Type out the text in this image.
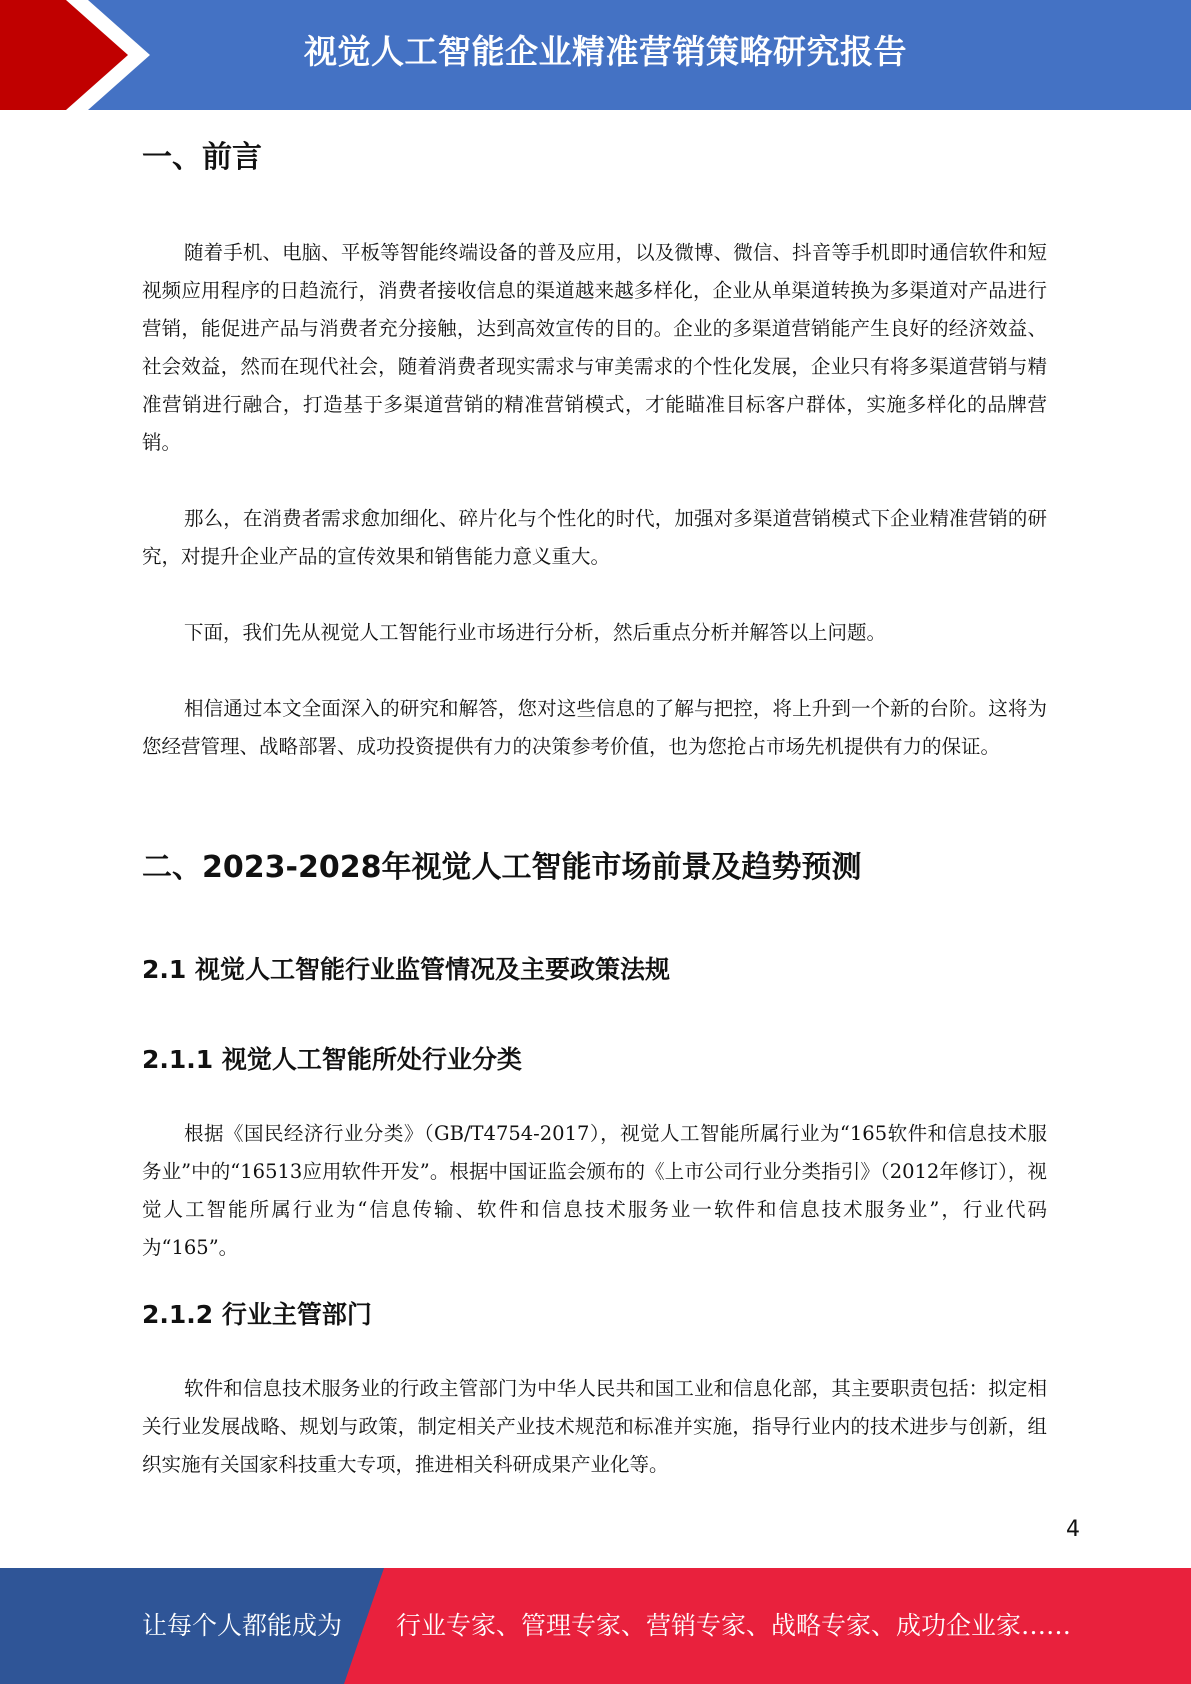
视觉人工智能企业精准营销策略研究报告
一、前言

随着手机、电脑、平板等智能终端设备的普及应用，以及微博、微信、抖音等手机即时通信软件和短视频应用程序的日趋流行，消费者接收信息的渠道越来越多样化，企业从单渠道转换为多渠道对产品进行营销，能促进产品与消费者充分接触，达到高效宣传的目的。企业的多渠道营销能产生良好的经济效益、社会效益，然而在现代社会，随着消费者现实需求与审美需求的个性化发展，企业只有将多渠道营销与精准营销进行融合，打造基于多渠道营销的精准营销模式，才能瞄准目标客户群体，实施多样化的品牌营销。

那么，在消费者需求愈加细化、碎片化与个性化的时代，加强对多渠道营销模式下企业精准营销的研究，对提升企业产品的宣传效果和销售能力意义重大。

下面，我们先从视觉人工智能行业市场进行分析，然后重点分析并解答以上问题。

相信通过本文全面深入的研究和解答，您对这些信息的了解与把控，将上升到一个新的台阶。这将为您经营管理、战略部署、成功投资提供有力的决策参考价值，也为您抢占市场先机提供有力的保证。

二、2023-2028年视觉人工智能市场前景及趋势预测
2.1 视觉人工智能行业监管情况及主要政策法规
2.1.1 视觉人工智能所处行业分类

根据《国民经济行业分类》（GB/T4754-2017），视觉人工智能所属行业为“165软件和信息技术服务业”中的“16513应用软件开发”。根据中国证监会颁布的《上市公司行业分类指引》（2012年修订），视觉人工智能所属行业为“信息传输、软件和信息技术服务业一软件和信息技术服务业”，行业代码为“165”。

2.1.2 行业主管部门

软件和信息技术服务业的行政主管部门为中华人民共和国工业和信息化部，其主要职责包括：拟定相关行业发展战略、规划与政策，制定相关产业技术规范和标准并实施，指导行业内的技术进步与创新，组织实施有关国家科技重大专项，推进相关科研成果产业化等。

4
让每个人都能成为 行业专家、管理专家、营销专家、战略专家、成功企业家……
